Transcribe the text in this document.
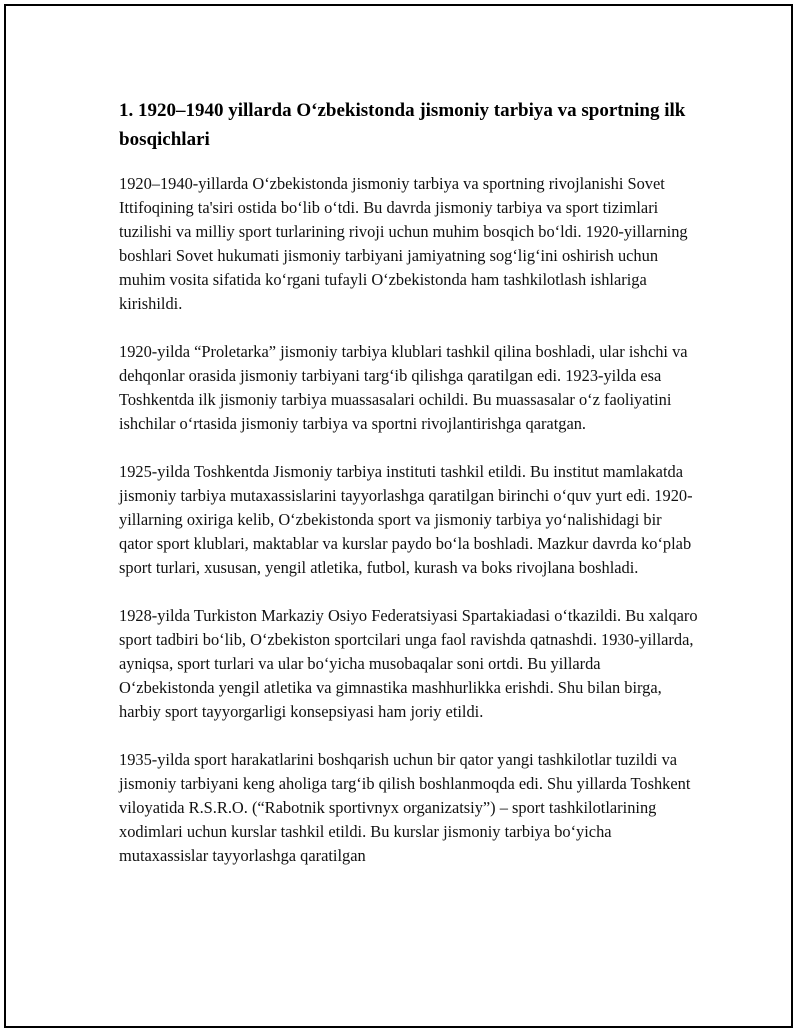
1. 1920–1940 yillarda O‘zbekistonda jismoniy tarbiya va sportning ilk bosqichlari

1920–1940-yillarda O‘zbekistonda jismoniy tarbiya va sportning rivojlanishi Sovet Ittifoqining ta'siri ostida bo‘lib o‘tdi. Bu davrda jismoniy tarbiya va sport tizimlari tuzilishi va milliy sport turlarining rivoji uchun muhim bosqich bo‘ldi. 1920-yillarning boshlari Sovet hukumati jismoniy tarbiyani jamiyatning sog‘lig‘ini oshirish uchun muhim vosita sifatida ko‘rgani tufayli O‘zbekistonda ham tashkilotlash ishlariga kirishildi.

1920-yilda “Proletarka” jismoniy tarbiya klublari tashkil qilina boshladi, ular ishchi va dehqonlar orasida jismoniy tarbiyani targ‘ib qilishga qaratilgan edi. 1923-yilda esa Toshkentda ilk jismoniy tarbiya muassasalari ochildi. Bu muassasalar o‘z faoliyatini ishchilar o‘rtasida jismoniy tarbiya va sportni rivojlantirishga qaratgan.

1925-yilda Toshkentda Jismoniy tarbiya instituti tashkil etildi. Bu institut mamlakatda jismoniy tarbiya mutaxassislarini tayyorlashga qaratilgan birinchi o‘quv yurt edi. 1920-yillarning oxiriga kelib, O‘zbekistonda sport va jismoniy tarbiya yo‘nalishidagi bir qator sport klublari, maktablar va kurslar paydo bo‘la boshladi. Mazkur davrda ko‘plab sport turlari, xususan, yengil atletika, futbol, kurash va boks rivojlana boshladi.

1928-yilda Turkiston Markaziy Osiyo Federatsiyasi Spartakiadasi o‘tkazildi. Bu xalqaro sport tadbiri bo‘lib, O‘zbekiston sportcilari unga faol ravishda qatnashdi. 1930-yillarda, ayniqsa, sport turlari va ular bo‘yicha musobaqalar soni ortdi. Bu yillarda O‘zbekistonda yengil atletika va gimnastika mashhurlikka erishdi. Shu bilan birga, harbiy sport tayyorgarligi konsepsiyasi ham joriy etildi.

1935-yilda sport harakatlarini boshqarish uchun bir qator yangi tashkilotlar tuzildi va jismoniy tarbiyani keng aholiga targ‘ib qilish boshlanmoqda edi. Shu yillarda Toshkent viloyatida R.S.R.O. (“Rabotnik sportivnyx organizatsiy”) – sport tashkilotlarining xodimlari uchun kurslar tashkil etildi. Bu kurslar jismoniy tarbiya bo‘yicha mutaxassislar tayyorlashga qaratilgan
